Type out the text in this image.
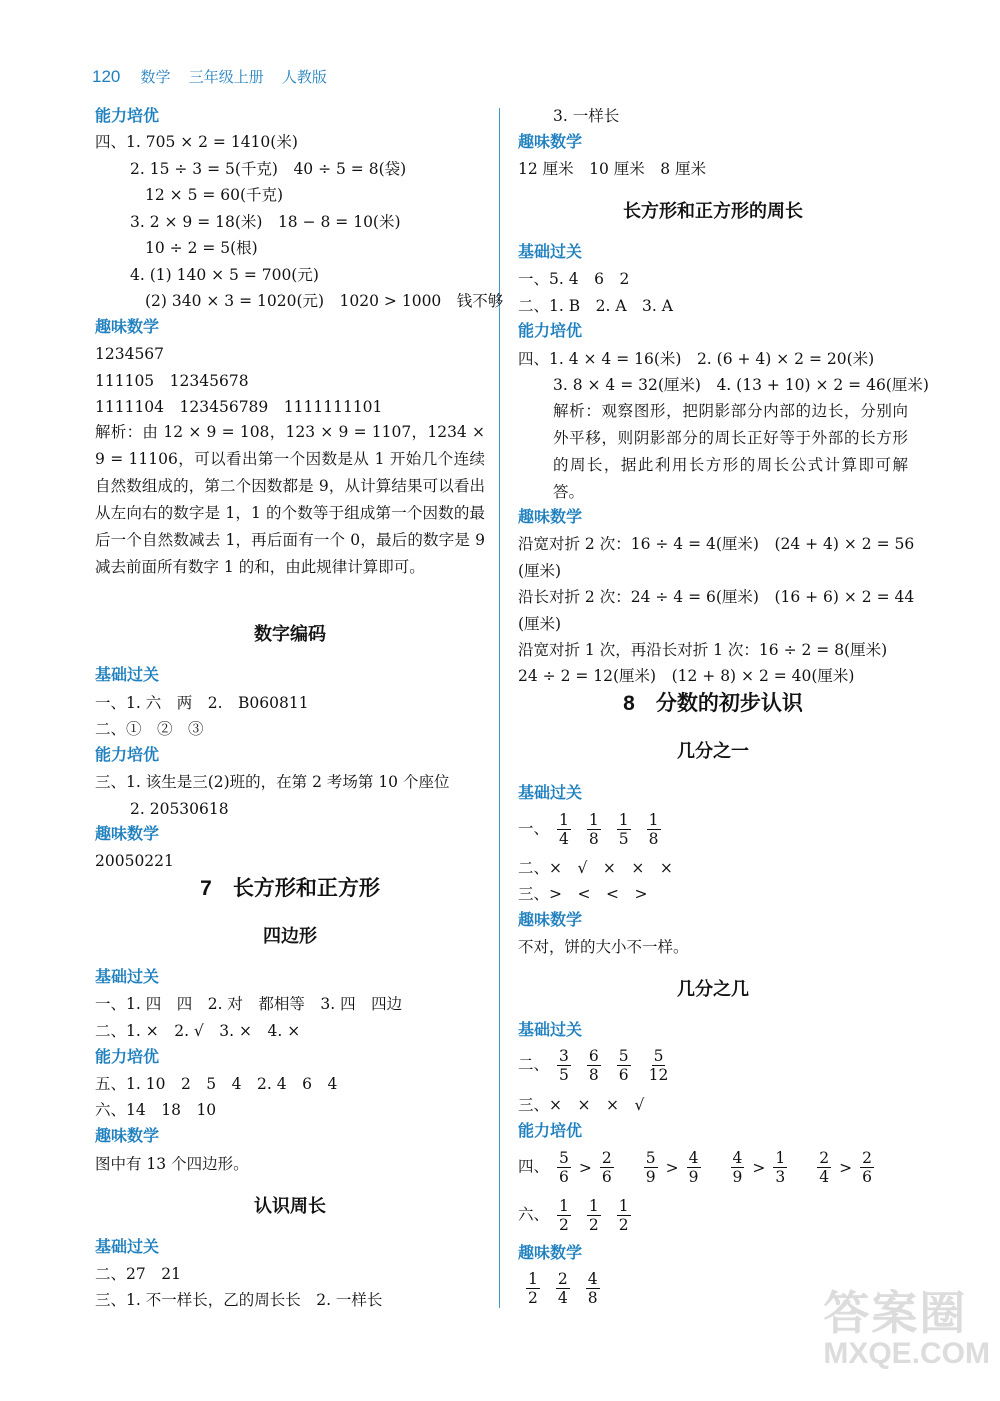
120 数学 三年级上册 人教版
能力培优
四、1. 705 × 2 = 1410(米)
2. 15 ÷ 3 = 5(千克)　40 ÷ 5 = 8(袋)
12 × 5 = 60(千克)
3. 2 × 9 = 18(米)　18 − 8 = 10(米)
10 ÷ 2 = 5(根)
4. (1) 140 × 5 = 700(元)
(2) 340 × 3 = 1020(元)　1020 > 1000　钱不够
趣味数学
1234567
111105　12345678
1111104　123456789　1111111101
解析：由 12 × 9 = 108，123 × 9 = 1107，1234 × 9 = 11106，可以看出第一个因数是从 1 开始几个连续自然数组成的，第二个因数都是 9，从计算结果可以看出从左向右的数字是 1，1 的个数等于组成第一个因数的最后一个自然数减去 1，再后面有一个 0，最后的数字是 9 减去前面所有数字 1 的和，由此规律计算即可。
数字编码
基础过关
一、1. 六　两　2.　B060811
二、①　②　③
能力培优
三、1. 该生是三(2)班的，在第 2 考场第 10 个座位
2. 20530618
趣味数学
20050221
7　长方形和正方形
四边形
基础过关
一、1. 四　四　2. 对　都相等　3. 四　四边
二、1. ×　2. √　3. ×　4. ×
能力培优
五、1. 10　2　5　4　2. 4　6　4
六、14　18　10
趣味数学
图中有 13 个四边形。
认识周长
基础过关
二、27　21
三、1. 不一样长，乙的周长长　2. 一样长
3. 一样长
趣味数学
12 厘米　10 厘米　8 厘米
长方形和正方形的周长
基础过关
一、5. 4　6　2
二、1. B　2. A　3. A
能力培优
四、1. 4 × 4 = 16(米)　2. (6 + 4) × 2 = 20(米)
3. 8 × 4 = 32(厘米)　4. (13 + 10) × 2 = 46(厘米)
解析：观察图形，把阴影部分内部的边长，分别向外平移，则阴影部分的周长正好等于外部的长方形的周长，据此利用长方形的周长公式计算即可解答。
趣味数学
沿宽对折 2 次：16 ÷ 4 = 4(厘米)　(24 + 4) × 2 = 56
(厘米)
沿长对折 2 次：24 ÷ 4 = 6(厘米)　(16 + 6) × 2 = 44
(厘米)
沿宽对折 1 次，再沿长对折 1 次：16 ÷ 2 = 8(厘米)
24 ÷ 2 = 12(厘米)　(12 + 8) × 2 = 40(厘米)
8　分数的初步认识
几分之一
基础过关
一、 $\frac{1}{4} \frac{1}{8} \frac{1}{5} \frac{1}{8}$
二、×　√　×　×　×
三、>　<　<　>
趣味数学
不对，饼的大小不一样。
几分之几
基础过关
二、 $\frac{3}{5} \frac{6}{8} \frac{5}{6} \frac{5}{12}$
三、×　×　×　√
能力培优
四、 $\frac{5}{6} > \frac{2}{6} \frac{5}{9} > \frac{4}{9} \frac{4}{9} > \frac{1}{3} \frac{2}{4} > \frac{2}{6}$
六、 $\frac{1}{2} \frac{1}{2} \frac{1}{2}$
趣味数学
$\frac{1}{2} \frac{2}{4} \frac{4}{8}$	答案圈
MXQE.COM
